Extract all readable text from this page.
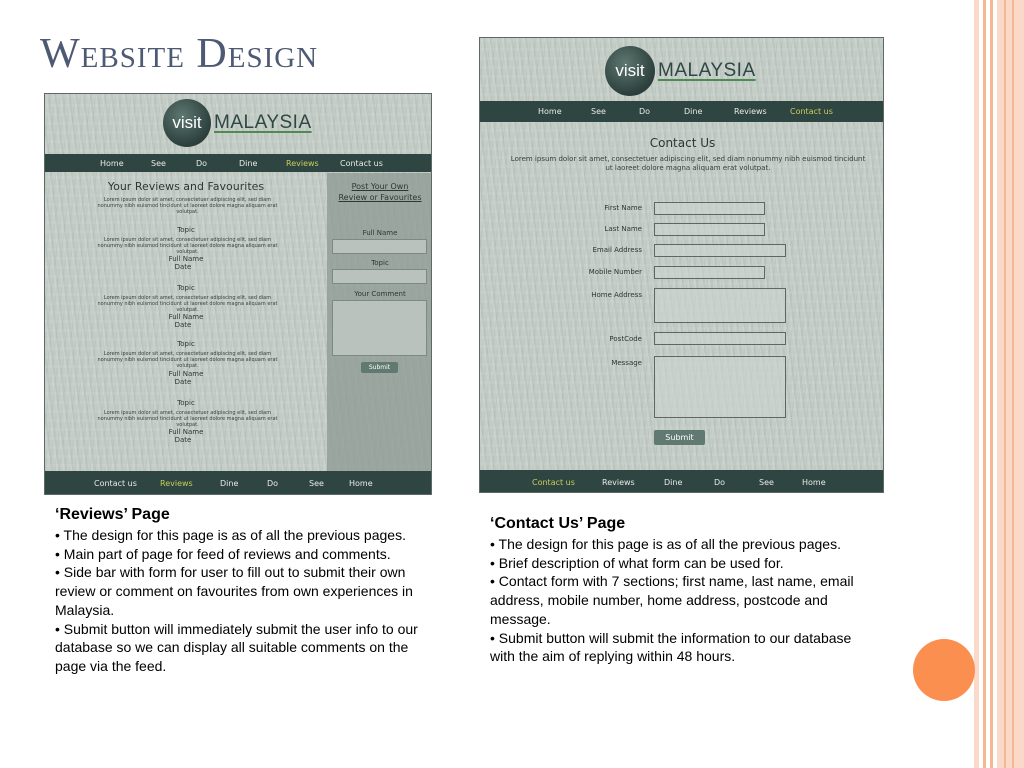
Website Design
visit MALAYSIA
Home	See	Do	Dine	Reviews	Contact us
Your Reviews and Favourites
Lorem ipsum dolor sit amet, consectetuer adipiscing elit, sed diam nonummy nibh euismod tincidunt ut laoreet dolore magna aliquam erat volutpat.
Topic
Lorem ipsum dolor sit amet, consectetuer adipiscing elit, sed diam nonummy nibh euismod tincidunt ut laoreet dolore magna aliquam erat volutpat.
Full Name
Date
Topic
Lorem ipsum dolor sit amet, consectetuer adipiscing elit, sed diam nonummy nibh euismod tincidunt ut laoreet dolore magna aliquam erat volutpat.
Full Name
Date
Topic
Lorem ipsum dolor sit amet, consectetuer adipiscing elit, sed diam nonummy nibh euismod tincidunt ut laoreet dolore magna aliquam erat volutpat.
Full Name
Date
Topic
Lorem ipsum dolor sit amet, consectetuer adipiscing elit, sed diam nonummy nibh euismod tincidunt ut laoreet dolore magna aliquam erat volutpat.
Full Name
Date
Post Your Own Review or Favourites
Full Name
Topic
Your Comment
Submit
Contact us	Reviews	Dine	Do	See	Home
visit MALAYSIA
Home	See	Do	Dine	Reviews	Contact us
Contact Us
Lorem ipsum dolor sit amet, consectetuer adipiscing elit, sed diam nonummy nibh euismod tincidunt ut laoreet dolore magna aliquam erat volutpat.
First Name
Last Name
Email Address
Mobile Number
Home Address
PostCode
Message
Submit
Contact us	Reviews	Dine	Do	See	Home
‘Reviews’ Page
• The design for this page is as of all the previous pages.
• Main part of page for feed of reviews and comments.
• Side bar with form for user to fill out to submit their own review or comment on favourites from own experiences in Malaysia.
• Submit button will immediately submit the user info to our database so we can display all suitable comments on the page via the feed.
‘Contact Us’ Page
• The design for this page is as of all the previous pages.
• Brief description of what form can be used for.
• Contact form with 7 sections; first name, last name, email address, mobile number, home address, postcode and message.
• Submit button will submit the information to our database with the aim of replying within 48 hours.
